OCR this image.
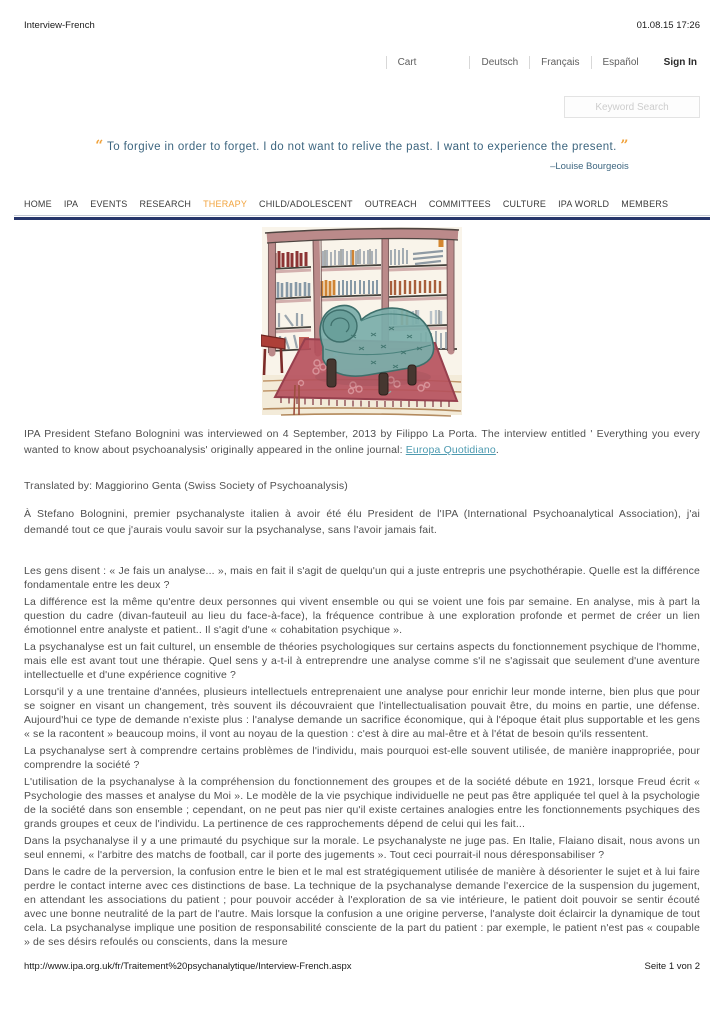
Interview-French	01.08.15 17:26
Cart	Deutsch	Français	Español	Sign In
Keyword Search
“ To forgive in order to forget. I do not want to relive the past. I want to experience the present. ”
–Louise Bourgeois
HOME IPA EVENTS RESEARCH THERAPY CHILD/ADOLESCENT OUTREACH COMMITTEES CULTURE IPA WORLD MEMBERS

IPA President Stefano Bolognini was interviewed on 4 September, 2013 by Filippo La Porta. The interview entitled ' Everything you every wanted to know about psychoanalysis' originally appeared in the online journal: Europa Quotidiano.

Translated by: Maggiorino Genta (Swiss Society of Psychoanalysis)

À Stefano Bolognini, premier psychanalyste italien à avoir été élu President de l'IPA (International Psychoanalytical Association), j'ai demandé tout ce que j'aurais voulu savoir sur la psychanalyse, sans l'avoir jamais fait.

Les gens disent : « Je fais un analyse... », mais en fait il s'agit de quelqu'un qui a juste entrepris une psychothérapie. Quelle est la différence fondamentale entre les deux ?

La différence est la même qu'entre deux personnes qui vivent ensemble ou qui se voient une fois par semaine. En analyse, mis à part la question du cadre (divan-fauteuil au lieu du face-à-face), la fréquence contribue à une exploration profonde et permet de créer un lien émotionnel entre analyste et patient.. Il s'agit d'une « cohabitation psychique ».

La psychanalyse est un fait culturel, un ensemble de théories psychologiques sur certains aspects du fonctionnement psychique de l'homme, mais elle est avant tout une thérapie. Quel sens y a-t-il à entreprendre une analyse comme s'il ne s'agissait que seulement d'une aventure intellectuelle et d'une expérience cognitive ?

Lorsqu'il y a une trentaine d'années, plusieurs intellectuels entreprenaient une analyse pour enrichir leur monde interne, bien plus que pour se soigner en visant un changement, très souvent ils découvraient que l'intellectualisation pouvait être, du moins en partie, une défense. Aujourd'hui ce type de demande n'existe plus : l'analyse demande un sacrifice économique, qui à l'époque était plus supportable et les gens « se la racontent » beaucoup moins, il vont au noyau de la question : c'est à dire au mal-être et à l'état de besoin qu'ils ressentent.

La psychanalyse sert à comprendre certains problèmes de l'individu, mais pourquoi est-elle souvent utilisée, de manière inappropriée, pour comprendre la société ?

L'utilisation de la psychanalyse à la compréhension du fonctionnement des groupes et de la société débute en 1921, lorsque Freud écrit « Psychologie des masses et analyse du Moi ». Le modèle de la vie psychique individuelle ne peut pas être appliquée tel quel à la psychologie de la société dans son ensemble ; cependant, on ne peut pas nier qu'il existe certaines analogies entre les fonctionnements psychiques des grands groupes et ceux de l'individu. La pertinence de ces rapprochements dépend de celui qui les fait...

Dans la psychanalyse il y a une primauté du psychique sur la morale. Le psychanalyste ne juge pas. En Italie, Flaiano disait, nous avons un seul ennemi, « l'arbitre des matchs de football, car il porte des jugements ». Tout ceci pourrait-il nous déresponsabiliser ?

Dans le cadre de la perversion, la confusion entre le bien et le mal est stratégiquement utilisée de manière à désorienter le sujet et à lui faire perdre le contact interne avec ces distinctions de base. La technique de la psychanalyse demande l'exercice de la suspension du jugement, en attendant les associations du patient ; pour pouvoir accéder à l'exploration de sa vie intérieure, le patient doit pouvoir se sentir écouté avec une bonne neutralité de la part de l'autre. Mais lorsque la confusion a une origine perverse, l'analyste doit éclaircir la dynamique de tout cela. La psychanalyse implique une position de responsabilité consciente de la part du patient : par exemple, le patient n'est pas « coupable » de ses désirs refoulés ou conscients, dans la mesure

http://www.ipa.org.uk/fr/Traitement%20psychanalytique/Interview-French.aspx	Seite 1 von 2
